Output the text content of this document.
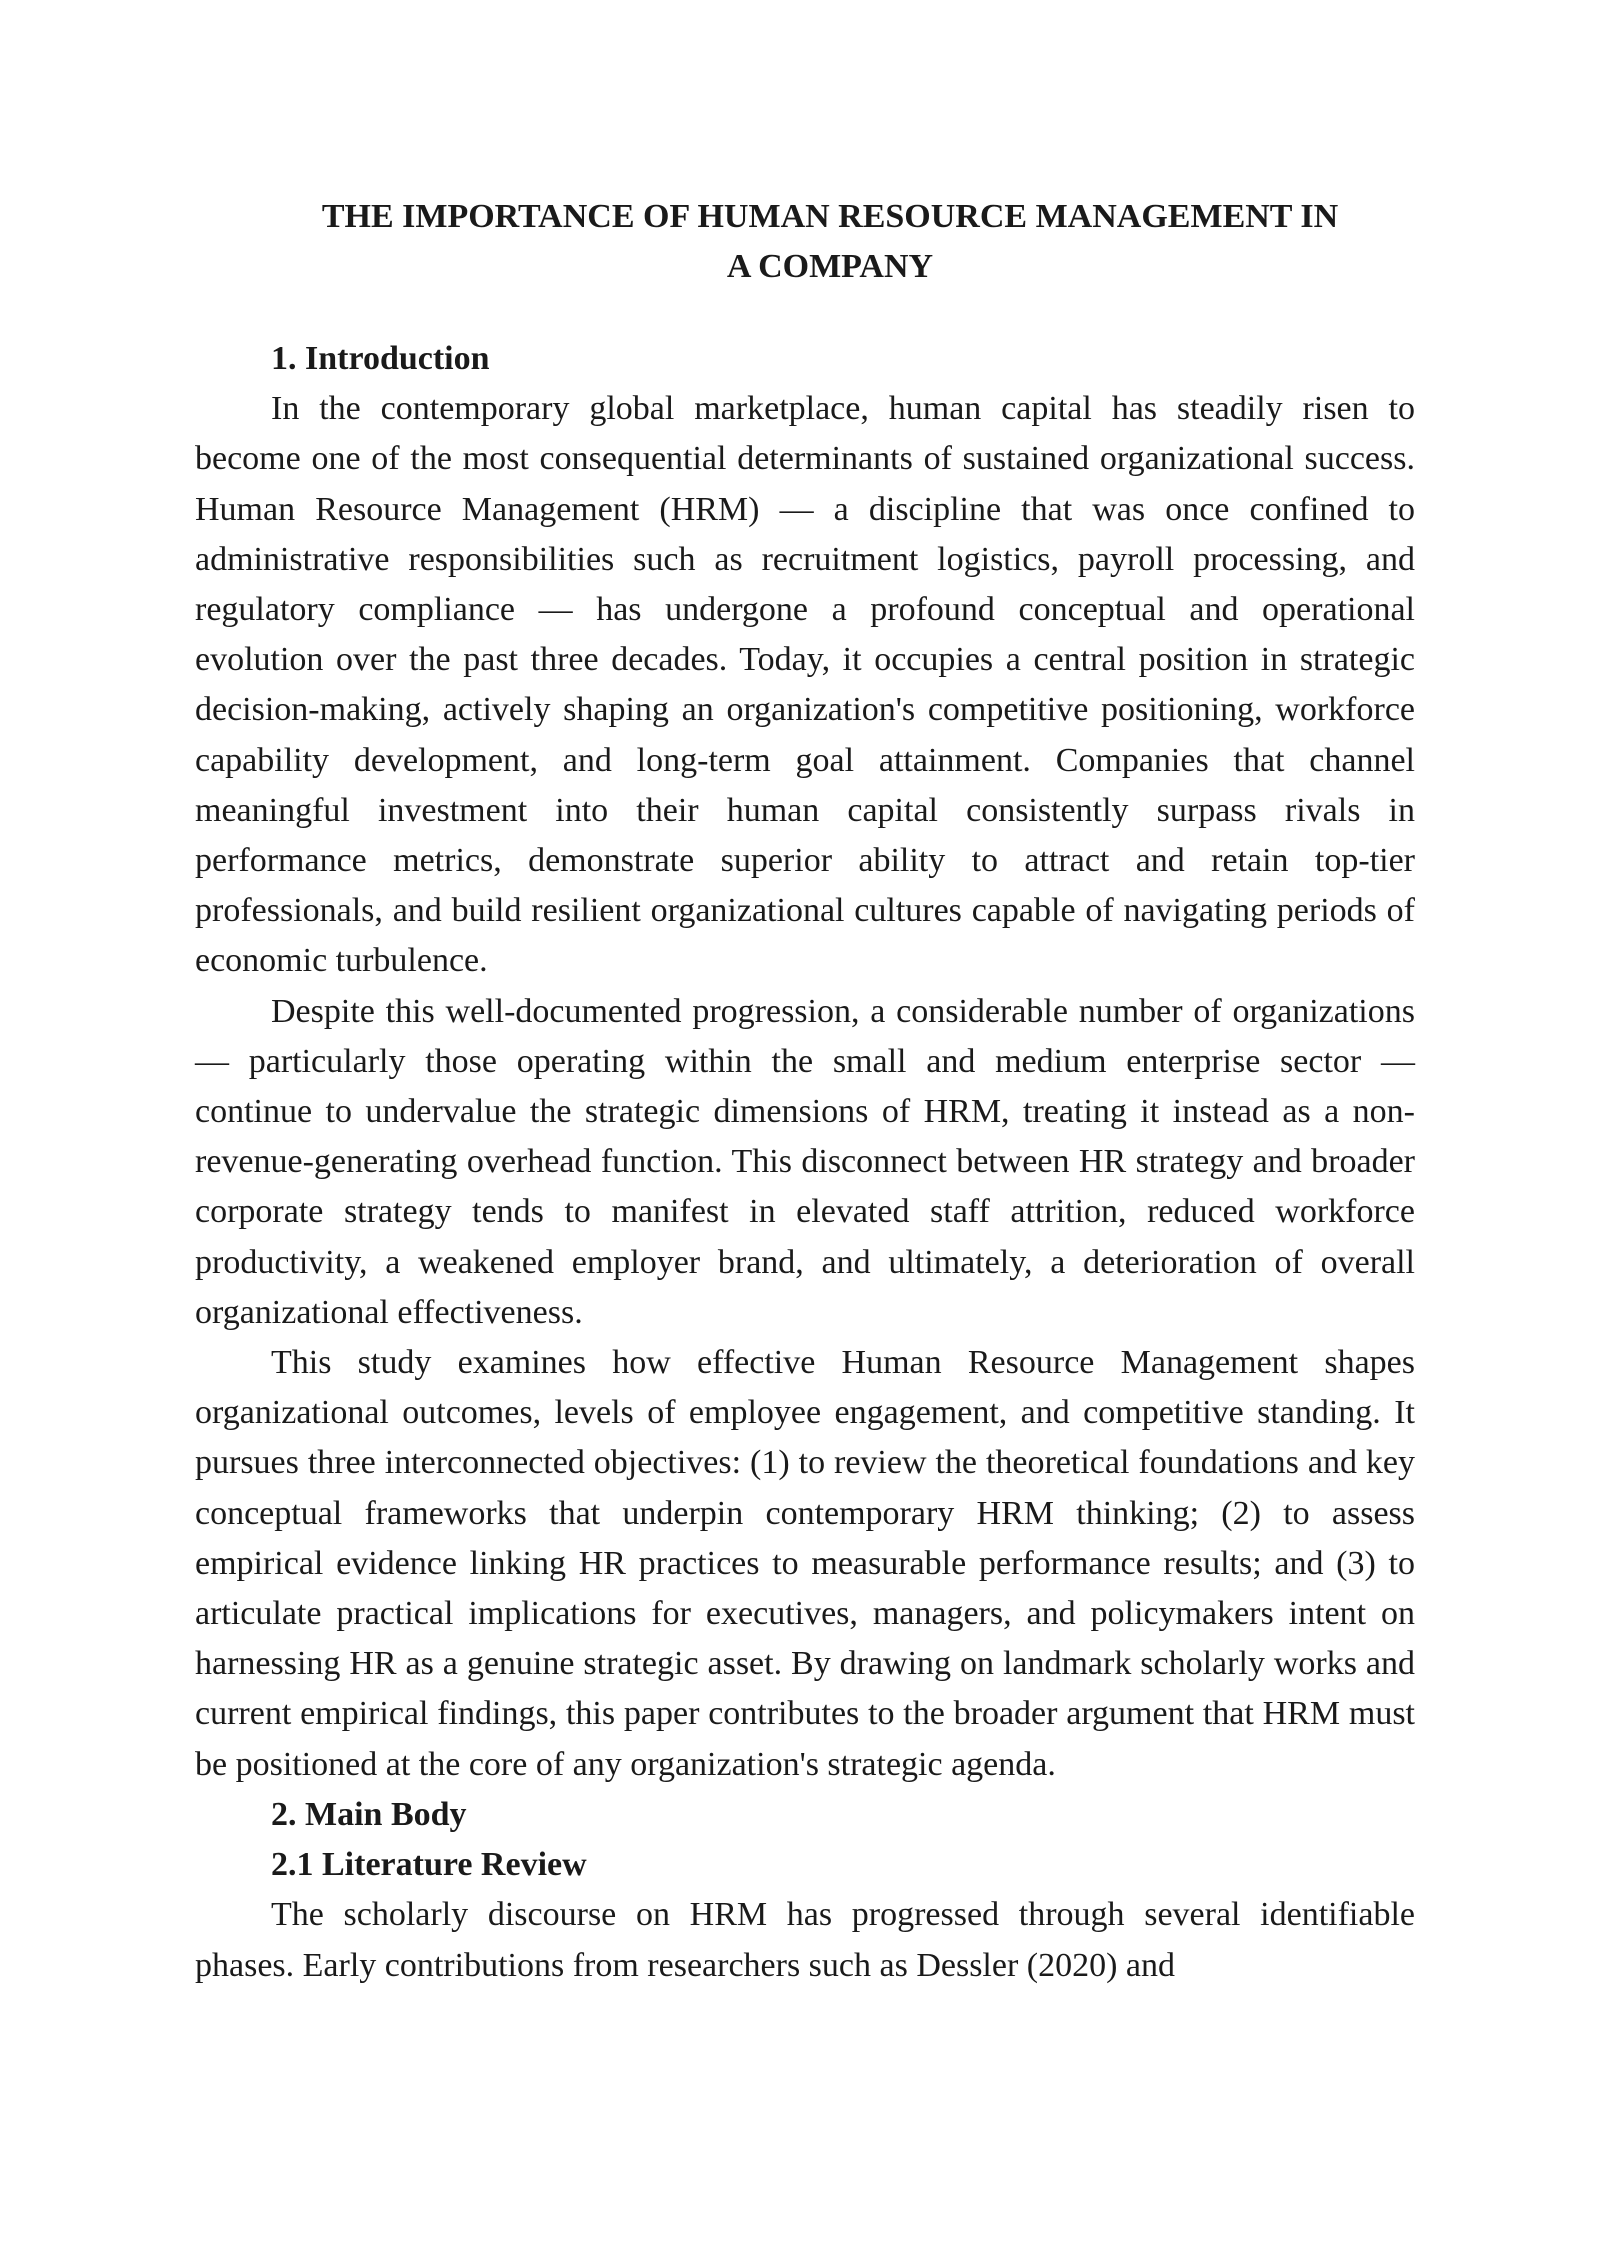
THE IMPORTANCE OF HUMAN RESOURCE MANAGEMENT IN
A COMPANY
1. Introduction

In the contemporary global marketplace, human capital has steadily risen to become one of the most consequential determinants of sustained organizational success. Human Resource Management (HRM) — a discipline that was once confined to administrative responsibilities such as recruitment logistics, payroll processing, and regulatory compliance — has undergone a profound conceptual and operational evolution over the past three decades. Today, it occupies a central position in strategic decision-making, actively shaping an organization's competitive positioning, workforce capability development, and long-term goal attainment. Companies that channel meaningful investment into their human capital consistently surpass rivals in performance metrics, demonstrate superior ability to attract and retain top-tier professionals, and build resilient organizational cultures capable of navigating periods of economic turbulence.

Despite this well-documented progression, a considerable number of organizations — particularly those operating within the small and medium enterprise sector — continue to undervalue the strategic dimensions of HRM, treating it instead as a non-revenue-generating overhead function. This disconnect between HR strategy and broader corporate strategy tends to manifest in elevated staff attrition, reduced workforce productivity, a weakened employer brand, and ultimately, a deterioration of overall organizational effectiveness.

This study examines how effective Human Resource Management shapes organizational outcomes, levels of employee engagement, and competitive standing. It pursues three interconnected objectives: (1) to review the theoretical foundations and key conceptual frameworks that underpin contemporary HRM thinking; (2) to assess empirical evidence linking HR practices to measurable performance results; and (3) to articulate practical implications for executives, managers, and policymakers intent on harnessing HR as a genuine strategic asset. By drawing on landmark scholarly works and current empirical findings, this paper contributes to the broader argument that HRM must be positioned at the core of any organization's strategic agenda.

2. Main Body
2.1 Literature Review

The scholarly discourse on HRM has progressed through several identifiable phases. Early contributions from researchers such as Dessler (2020) and
